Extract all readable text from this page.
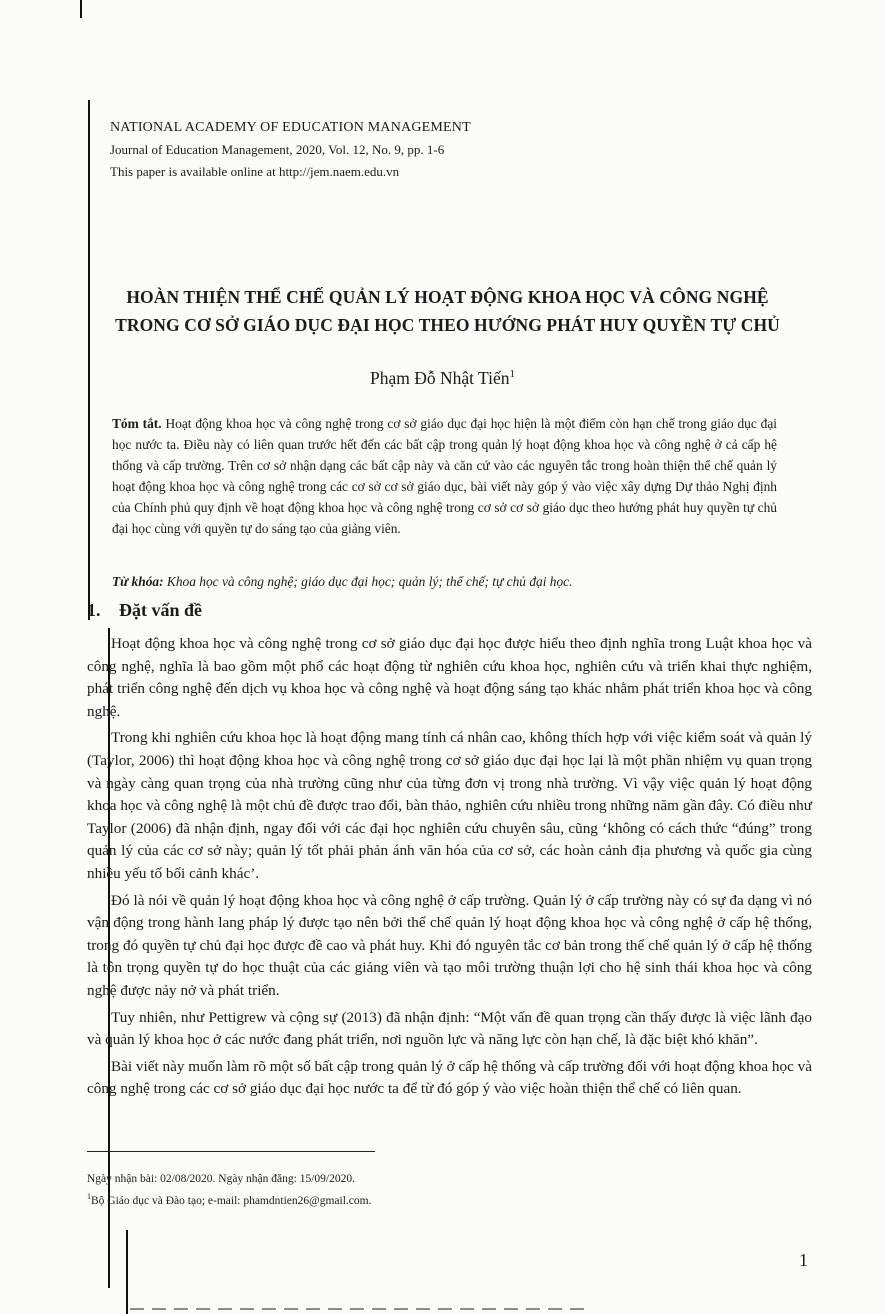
NATIONAL ACADEMY OF EDUCATION MANAGEMENT
Journal of Education Management, 2020, Vol. 12, No. 9, pp. 1-6
This paper is available online at http://jem.naem.edu.vn
HOÀN THIỆN THỂ CHẾ QUẢN LÝ HOẠT ĐỘNG KHOA HỌC VÀ CÔNG NGHỆ
TRONG CƠ SỞ GIÁO DỤC ĐẠI HỌC THEO HƯỚNG PHÁT HUY QUYỀN TỰ CHỦ
Phạm Đỗ Nhật Tiến$^1$
Tóm tắt. Hoạt động khoa học và công nghệ trong cơ sở giáo dục đại học hiện là một điểm còn hạn chế trong giáo dục đại học nước ta. Điều này có liên quan trước hết đến các bất cập trong quản lý hoạt động khoa học và công nghệ ở cả cấp hệ thống và cấp trường. Trên cơ sở nhận dạng các bất cập này và căn cứ vào các nguyên tắc trong hoàn thiện thể chế quản lý hoạt động khoa học và công nghệ trong các cơ sở cơ sở giáo dục, bài viết này góp ý vào việc xây dựng Dự thảo Nghị định của Chính phủ quy định về hoạt động khoa học và công nghệ trong cơ sở cơ sở giáo dục theo hướng phát huy quyền tự chủ đại học cùng với quyền tự do sáng tạo của giảng viên.
Từ khóa: Khoa học và công nghệ; giáo dục đại học; quản lý; thể chế; tự chủ đại học.
1. Đặt vấn đề

Hoạt động khoa học và công nghệ trong cơ sở giáo dục đại học được hiểu theo định nghĩa trong Luật khoa học và công nghệ, nghĩa là bao gồm một phổ các hoạt động từ nghiên cứu khoa học, nghiên cứu và triển khai thực nghiệm, phát triển công nghệ đến dịch vụ khoa học và công nghệ và hoạt động sáng tạo khác nhằm phát triển khoa học và công nghệ.

Trong khi nghiên cứu khoa học là hoạt động mang tính cá nhân cao, không thích hợp với việc kiểm soát và quản lý (Taylor, 2006) thì hoạt động khoa học và công nghệ trong cơ sở giáo dục đại học lại là một phần nhiệm vụ quan trọng và ngày càng quan trọng của nhà trường cũng như của từng đơn vị trong nhà trường. Vì vậy việc quản lý hoạt động khoa học và công nghệ là một chủ đề được trao đổi, bàn thảo, nghiên cứu nhiều trong những năm gần đây. Có điều như Taylor (2006) đã nhận định, ngay đối với các đại học nghiên cứu chuyên sâu, cũng ‘không có cách thức “đúng” trong quản lý của các cơ sở này; quản lý tốt phải phản ánh văn hóa của cơ sở, các hoàn cảnh địa phương và quốc gia cùng nhiều yếu tố bối cảnh khác’.

Đó là nói về quản lý hoạt động khoa học và công nghệ ở cấp trường. Quản lý ở cấp trường này có sự đa dạng vì nó vận động trong hành lang pháp lý được tạo nên bởi thể chế quản lý hoạt động khoa học và công nghệ ở cấp hệ thống, trong đó quyền tự chủ đại học được đề cao và phát huy. Khi đó nguyên tắc cơ bản trong thể chế quản lý ở cấp hệ thống là tôn trọng quyền tự do học thuật của các giảng viên và tạo môi trường thuận lợi cho hệ sinh thái khoa học và công nghệ được nảy nở và phát triển.

Tuy nhiên, như Pettigrew và cộng sự (2013) đã nhận định: “Một vấn đề quan trọng cần thấy được là việc lãnh đạo và quản lý khoa học ở các nước đang phát triển, nơi nguồn lực và năng lực còn hạn chế, là đặc biệt khó khăn”.

Bài viết này muốn làm rõ một số bất cập trong quản lý ở cấp hệ thống và cấp trường đối với hoạt động khoa học và công nghệ trong các cơ sở giáo dục đại học nước ta để từ đó góp ý vào việc hoàn thiện thể chế có liên quan.

Ngày nhận bài: 02/08/2020. Ngày nhận đăng: 15/09/2020.
$^1$Bộ Giáo dục và Đào tạo; e-mail: phamdntien26@gmail.com.
1
